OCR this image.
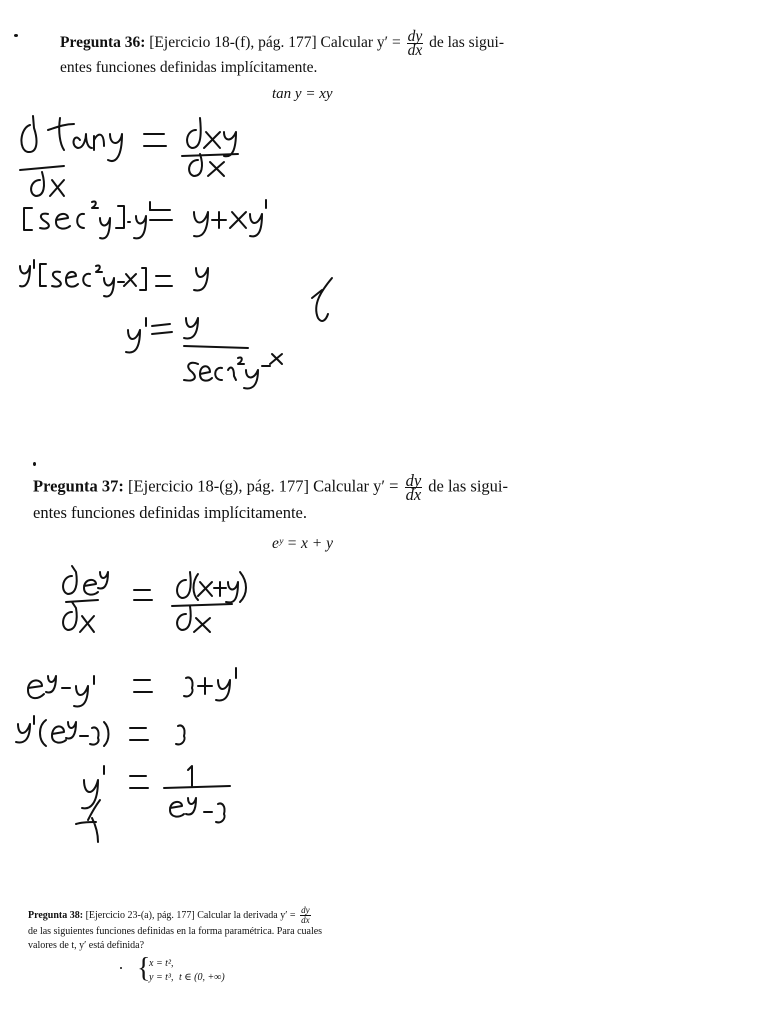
Pregunta 36: [Ejercicio 18-(f), pág. 177] Calcular $y' = \frac{dy}{dx}$ de las sigui-
entes funciones definidas implícitamente.
tan y = xy
Pregunta 37: [Ejercicio 18-(g), pág. 177] Calcular $y' = \frac{dy}{dx}$ de las sigui-
entes funciones definidas implícitamente.
eʸ = x + y
Pregunta 38: [Ejercicio 23-(a), pág. 177] Calcular la derivada $y' = \frac{dy}{dx}$

de las siguientes funciones definidas en la forma paramétrica. Para cuales
valores de t, y′ está definida?
{
x = t²,
y = t³, t ∈ (0, +∞)
